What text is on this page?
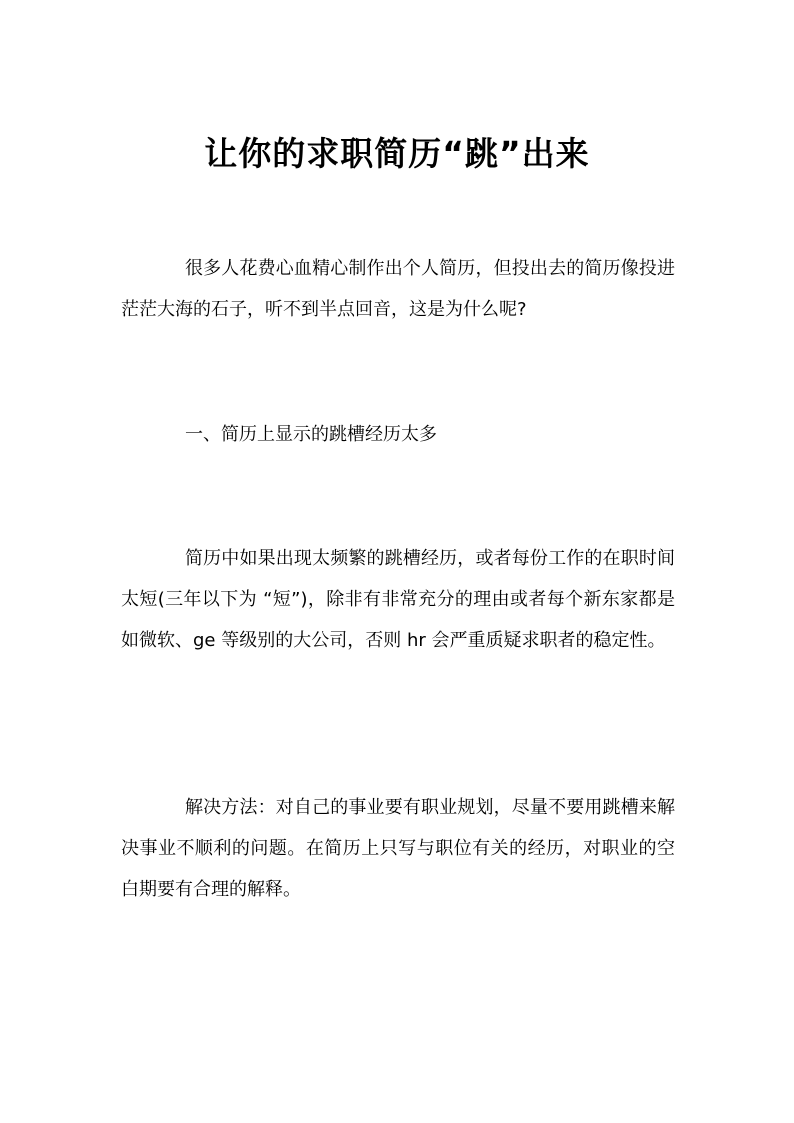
让你的求职简历“跳”出来

很多人花费心血精心制作出个人简历，但投出去的简历像投进茫茫大海的石子，听不到半点回音，这是为什么呢?

一、简历上显示的跳槽经历太多

简历中如果出现太频繁的跳槽经历，或者每份工作的在职时间太短(三年以下为 “短”)，除非有非常充分的理由或者每个新东家都是如微软、ge 等级别的大公司，否则 hr 会严重质疑求职者的稳定性。

解决方法：对自己的事业要有职业规划，尽量不要用跳槽来解决事业不顺利的问题。在简历上只写与职位有关的经历，对职业的空白期要有合理的解释。
